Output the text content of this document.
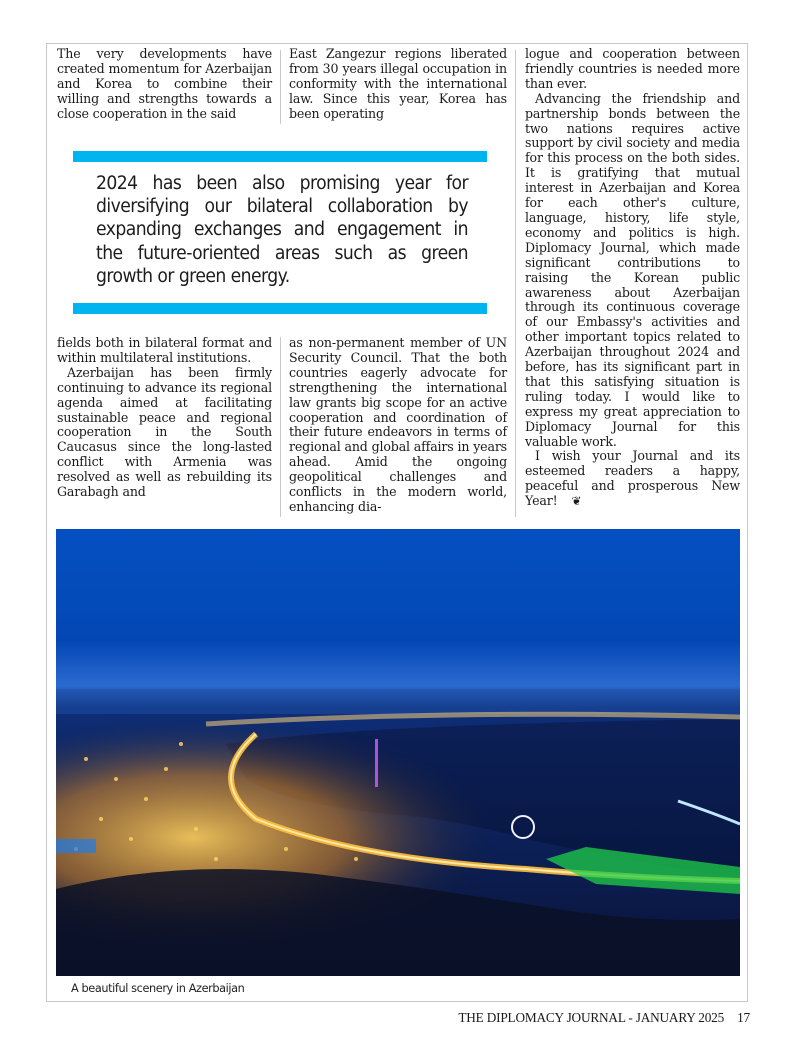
The very developments have created momentum for Azerbaijan and Korea to combine their willing and strengths towards a close cooperation in the said

East Zangezur regions liberated from 30 years illegal occupation in conformity with the international law. Since this year, Korea has been operating

2024 has been also promising year for diversifying our bilateral collaboration by expanding exchanges and engagement in the future-oriented areas such as green growth or green energy.

fields both in bilateral format and within multilateral institutions.

Azerbaijan has been firmly continuing to advance its regional agenda aimed at facilitating sustainable peace and regional cooperation in the South Caucasus since the long-lasted conflict with Armenia was resolved as well as rebuilding its Garabagh and

as non-permanent member of UN Security Council. That the both countries eagerly advocate for strengthening the international law grants big scope for an active cooperation and coordination of their future endeavors in terms of regional and global affairs in years ahead. Amid the ongoing geopolitical challenges and conflicts in the modern world, enhancing dia-

logue and cooperation between friendly countries is needed more than ever.

Advancing the friendship and partnership bonds between the two nations requires active support by civil society and media for this process on the both sides. It is gratifying that mutual interest in Azerbaijan and Korea for each other's culture, language, history, life style, economy and politics is high. Diplomacy Journal, which made significant contributions to raising the Korean public awareness about Azerbaijan through its continuous coverage of our Embassy's activities and other important topics related to Azerbaijan throughout 2024 and before, has its significant part in that this satisfying situation is ruling today. I would like to express my great appreciation to Diplomacy Journal for this valuable work.

I wish your Journal and its esteemed readers a happy, peaceful and prosperous New Year! ❦

A beautiful scenery in Azerbaijan
THE DIPLOMACY JOURNAL - JANUARY 2025 17
